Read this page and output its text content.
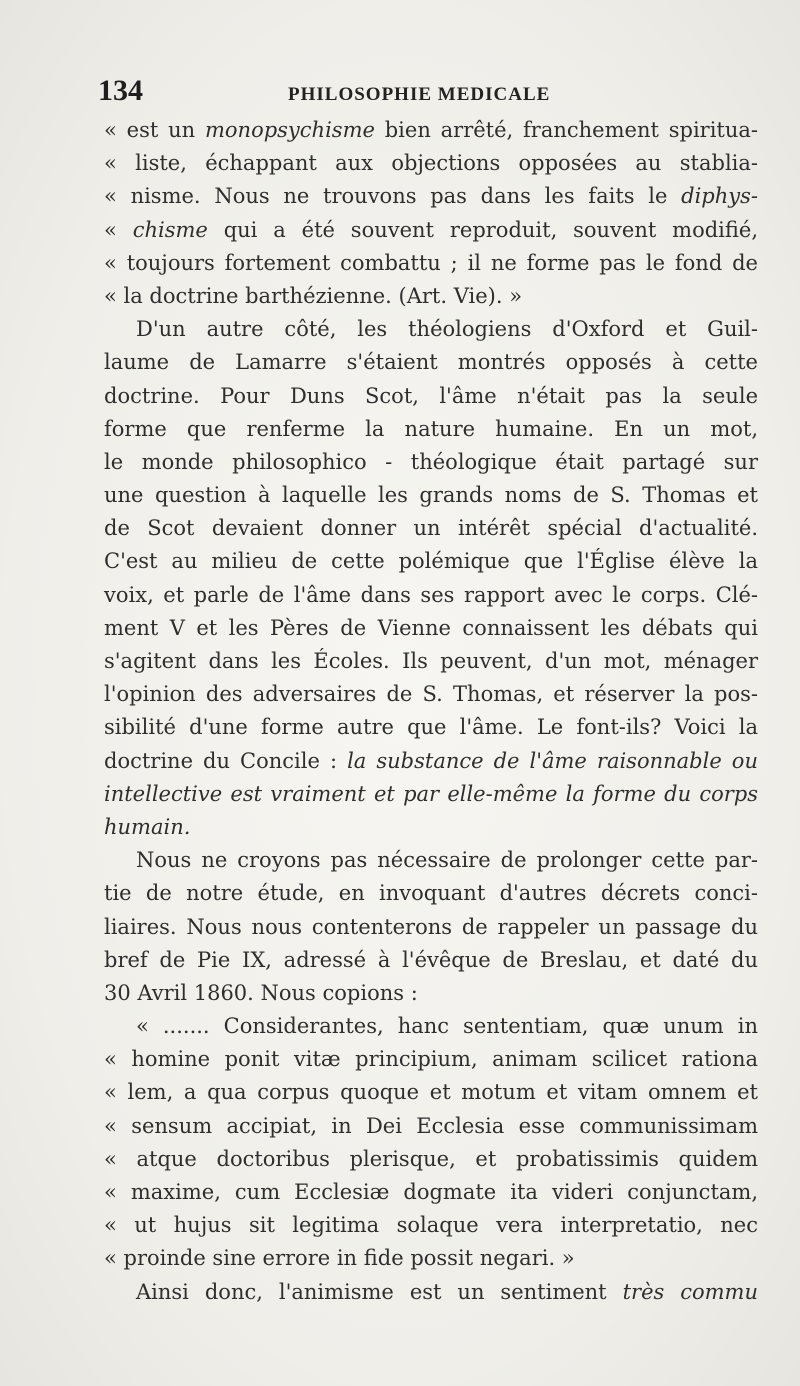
134	PHILOSOPHIE MEDICALE
« est un monopsychisme bien arrêté, franchement spiritua-
« liste, échappant aux objections opposées au stablia-
« nisme. Nous ne trouvons pas dans les faits le diphys-
« chisme qui a été souvent reproduit, souvent modifié,
« toujours fortement combattu ; il ne forme pas le fond de
« la doctrine barthézienne. (Art. Vie). »
D'un autre côté, les théologiens d'Oxford et Guil-
laume de Lamarre s'étaient montrés opposés à cette
doctrine. Pour Duns Scot, l'âme n'était pas la seule
forme que renferme la nature humaine. En un mot,
le monde philosophico - théologique était partagé sur
une question à laquelle les grands noms de S. Thomas et
de Scot devaient donner un intérêt spécial d'actualité.
C'est au milieu de cette polémique que l'Église élève la
voix, et parle de l'âme dans ses rapport avec le corps. Clé-
ment V et les Pères de Vienne connaissent les débats qui
s'agitent dans les Écoles. Ils peuvent, d'un mot, ménager
l'opinion des adversaires de S. Thomas, et réserver la pos-
sibilité d'une forme autre que l'âme. Le font-ils? Voici la
doctrine du Concile : la substance de l'âme raisonnable ou
intellective est vraiment et par elle-même la forme du corps
humain.
Nous ne croyons pas nécessaire de prolonger cette par-
tie de notre étude, en invoquant d'autres décrets conci-
liaires. Nous nous contenterons de rappeler un passage du
bref de Pie IX, adressé à l'évêque de Breslau, et daté du
30 Avril 1860. Nous copions :
« ....... Considerantes, hanc sententiam, quæ unum in
« homine ponit vitæ principium, animam scilicet rationa
« lem, a qua corpus quoque et motum et vitam omnem et
« sensum accipiat, in Dei Ecclesia esse communissimam
« atque doctoribus plerisque, et probatissimis quidem
« maxime, cum Ecclesiæ dogmate ita videri conjunctam,
« ut hujus sit legitima solaque vera interpretatio, nec
« proinde sine errore in fide possit negari. »
Ainsi donc, l'animisme est un sentiment très commu
